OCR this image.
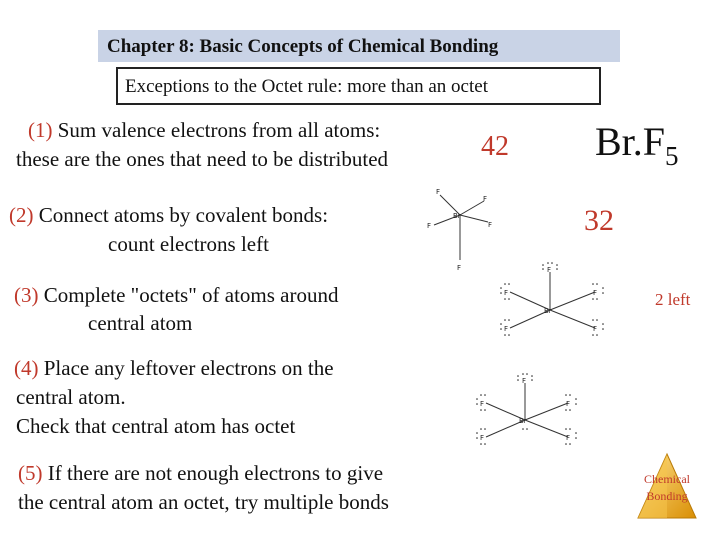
Chapter 8: Basic Concepts of Chemical Bonding
Exceptions to the Octet rule: more than an octet
(1) Sum valence electrons from all atoms:
these are the ones that need to be distributed
(2) Connect atoms by covalent bonds:
count electrons left
(3) Complete "octets" of atoms around
central atom
(4) Place any leftover electrons on the
central atom.
Check that central atom has octet
(5) If there are not enough electrons to give
the central atom an octet, try multiple bonds
42 $Br.F_5$
32
2 left
Br
F
F	F
F
F
Br
F
F	F
F	F
Br
F
F	F
F	F
Chemical
Bonding
